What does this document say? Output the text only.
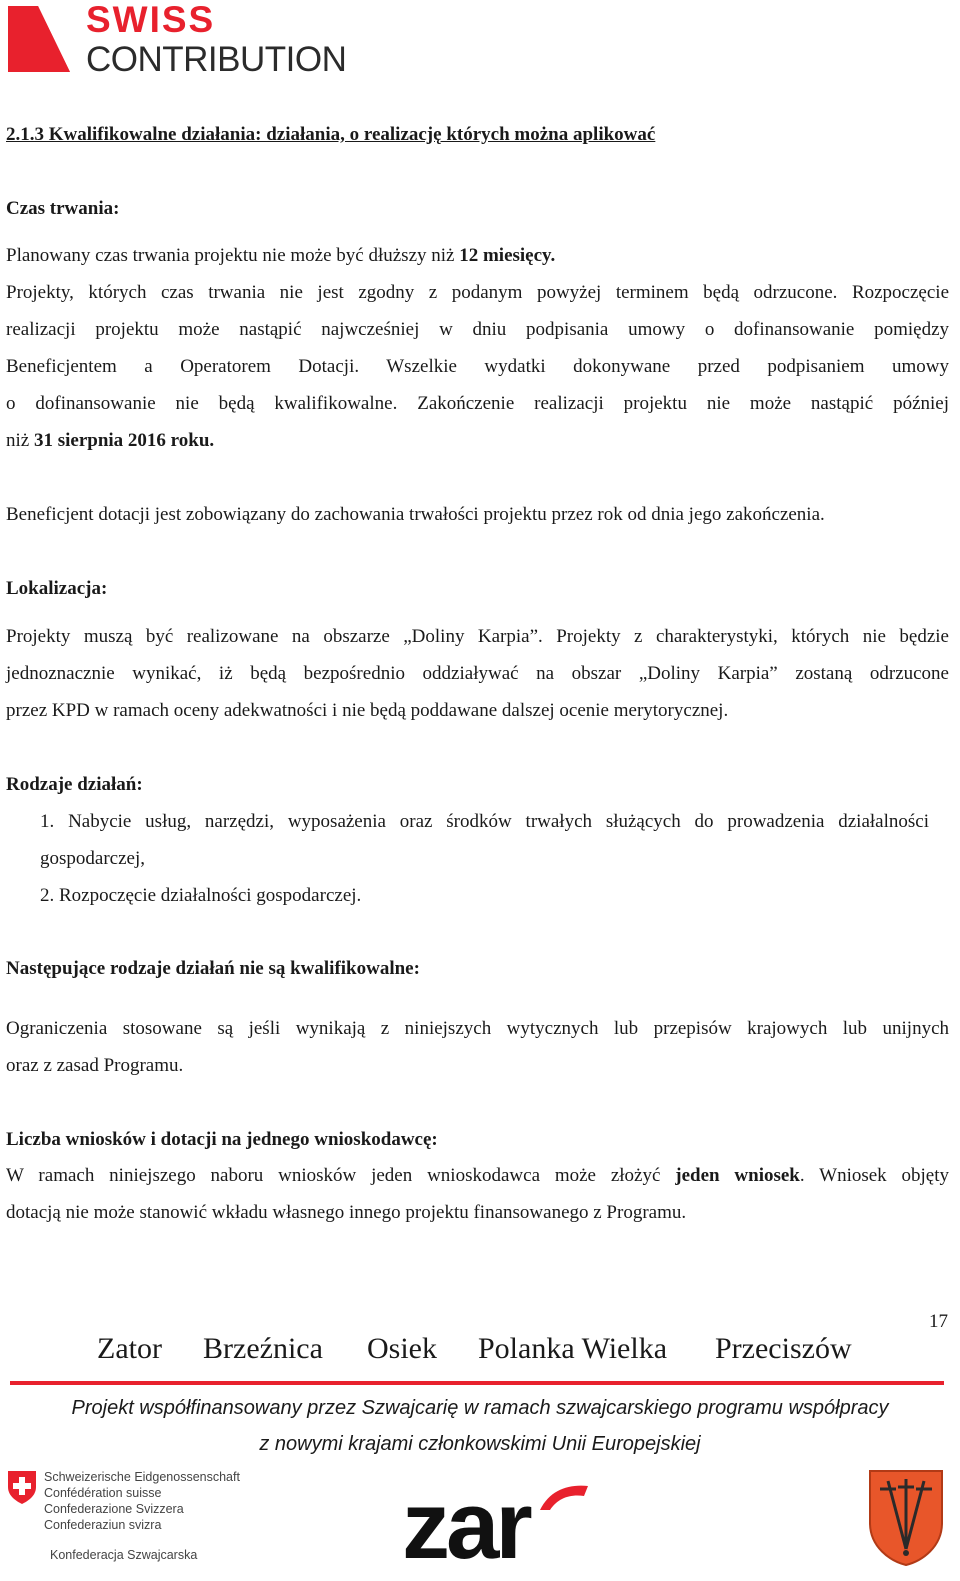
SWISS
CONTRIBUTION
2.1.3 Kwalifikowalne działania: działania, o realizację których można aplikować
Czas trwania:
Planowany czas trwania projektu nie może być dłuższy niż 12 miesięcy.
Projekty, których czas trwania nie jest zgodny z podanym powyżej terminem będą odrzucone. Rozpoczęcie
realizacji projektu może nastąpić najwcześniej w dniu podpisania umowy o dofinansowanie pomiędzy
Beneficjentem a Operatorem Dotacji. Wszelkie wydatki dokonywane przed podpisaniem umowy
o dofinansowanie nie będą kwalifikowalne. Zakończenie realizacji projektu nie może nastąpić później
niż 31 sierpnia 2016 roku.
Beneficjent dotacji jest zobowiązany do zachowania trwałości projektu przez rok od dnia jego zakończenia.
Lokalizacja:
Projekty muszą być realizowane na obszarze „Doliny Karpia”. Projekty z charakterystyki, których nie będzie
jednoznacznie wynikać, iż będą bezpośrednio oddziaływać na obszar „Doliny Karpia” zostaną odrzucone
przez KPD w ramach oceny adekwatności i nie będą poddawane dalszej ocenie merytorycznej.
Rodzaje działań:
1. Nabycie usług, narzędzi, wyposażenia oraz środków trwałych służących do prowadzenia działalności
gospodarczej,
2. Rozpoczęcie działalności gospodarczej.
Następujące rodzaje działań nie są kwalifikowalne:
Ograniczenia stosowane są jeśli wynikają z niniejszych wytycznych lub przepisów krajowych lub unijnych
oraz z zasad Programu.
Liczba wniosków i dotacji na jednego wnioskodawcę:
W ramach niniejszego naboru wniosków jeden wnioskodawca może złożyć jeden wniosek. Wniosek objęty
dotacją nie może stanowić wkładu własnego innego projektu finansowanego z Programu.
17
Zator Brzeźnica Osiek Polanka Wielka Przeciszów
Projekt współfinansowany przez Szwajcarię w ramach szwajcarskiego programu współpracy
z nowymi krajami członkowskimi Unii Europejskiej
Schweizerische Eidgenossenschaft
Confédération suisse
Confederazione Svizzera
Confederaziun svizra
Konfederacja Szwajcarska zar
